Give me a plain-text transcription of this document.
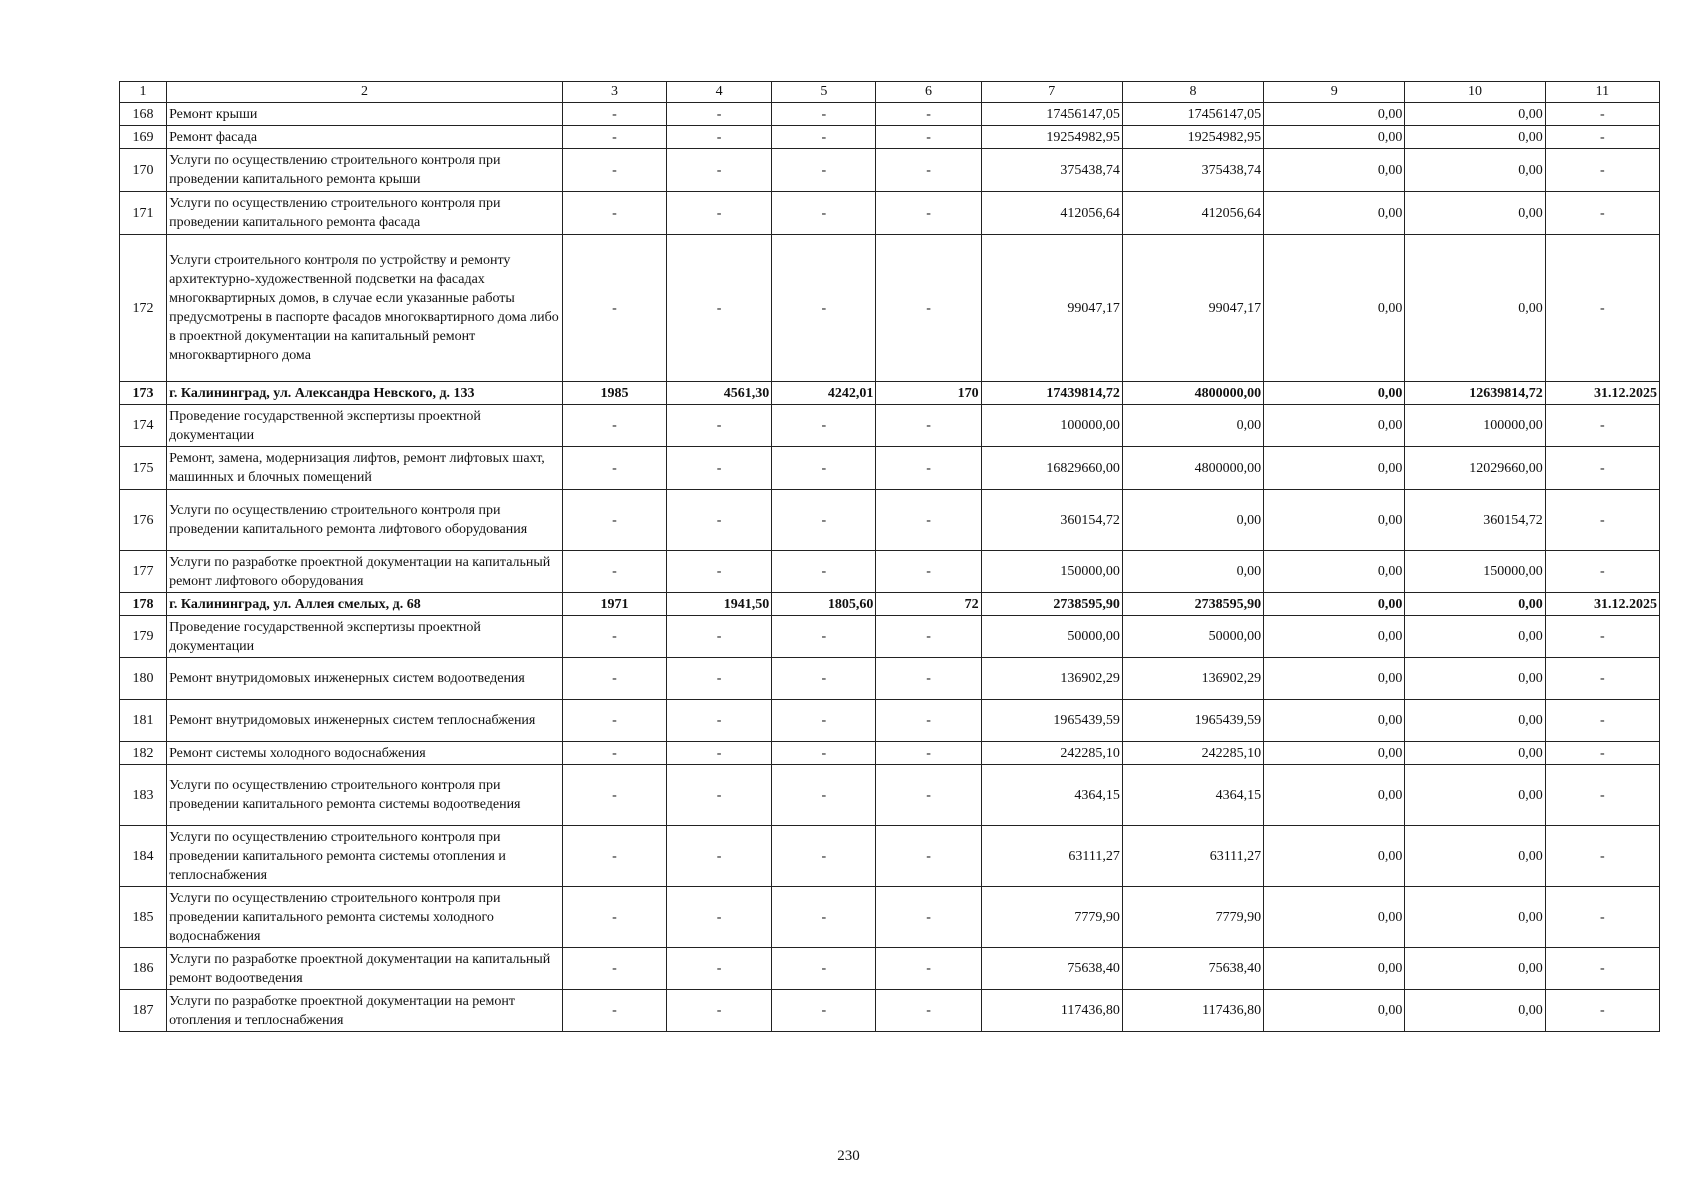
1	2	3	4	5	6	7	8	9	10	11
168	Ремонт крыши	-	-	-	-	17456147,05	17456147,05	0,00	0,00	-
169	Ремонт фасада	-	-	-	-	19254982,95	19254982,95	0,00	0,00	-
170	Услуги по осуществлению строительного контроля при проведении капитального ремонта крыши	-	-	-	-	375438,74	375438,74	0,00	0,00	-
171	Услуги по осуществлению строительного контроля при проведении капитального ремонта фасада	-	-	-	-	412056,64	412056,64	0,00	0,00	-
172	Услуги строительного контроля по устройству и ремонту архитектурно-художественной подсветки на фасадах многоквартирных домов, в случае если указанные работы предусмотрены в паспорте фасадов многоквартирного дома либо в проектной документации на капитальный ремонт многоквартирного дома	-	-	-	-	99047,17	99047,17	0,00	0,00	-
173	г. Калининград, ул. Александра Невского, д. 133	1985	4561,30	4242,01	170	17439814,72	4800000,00	0,00	12639814,72	31.12.2025
174	Проведение государственной экспертизы проектной документации	-	-	-	-	100000,00	0,00	0,00	100000,00	-
175	Ремонт, замена, модернизация лифтов, ремонт лифтовых шахт, машинных и блочных помещений	-	-	-	-	16829660,00	4800000,00	0,00	12029660,00	-
176	Услуги по осуществлению строительного контроля при проведении капитального ремонта лифтового оборудования	-	-	-	-	360154,72	0,00	0,00	360154,72	-
177	Услуги по разработке проектной документации на капитальный ремонт лифтового оборудования	-	-	-	-	150000,00	0,00	0,00	150000,00	-
178	г. Калининград, ул. Аллея смелых, д. 68	1971	1941,50	1805,60	72	2738595,90	2738595,90	0,00	0,00	31.12.2025
179	Проведение государственной экспертизы проектной документации	-	-	-	-	50000,00	50000,00	0,00	0,00	-
180	Ремонт внутридомовых инженерных систем водоотведения	-	-	-	-	136902,29	136902,29	0,00	0,00	-
181	Ремонт внутридомовых инженерных систем теплоснабжения	-	-	-	-	1965439,59	1965439,59	0,00	0,00	-
182	Ремонт системы холодного водоснабжения	-	-	-	-	242285,10	242285,10	0,00	0,00	-
183	Услуги по осуществлению строительного контроля при проведении капитального ремонта системы водоотведения	-	-	-	-	4364,15	4364,15	0,00	0,00	-
184	Услуги по осуществлению строительного контроля при проведении капитального ремонта системы отопления и теплоснабжения	-	-	-	-	63111,27	63111,27	0,00	0,00	-
185	Услуги по осуществлению строительного контроля при проведении капитального ремонта системы холодного водоснабжения	-	-	-	-	7779,90	7779,90	0,00	0,00	-
186	Услуги по разработке проектной документации на капитальный ремонт водоотведения	-	-	-	-	75638,40	75638,40	0,00	0,00	-
187	Услуги по разработке проектной документации на ремонт отопления и теплоснабжения	-	-	-	-	117436,80	117436,80	0,00	0,00	-
230
